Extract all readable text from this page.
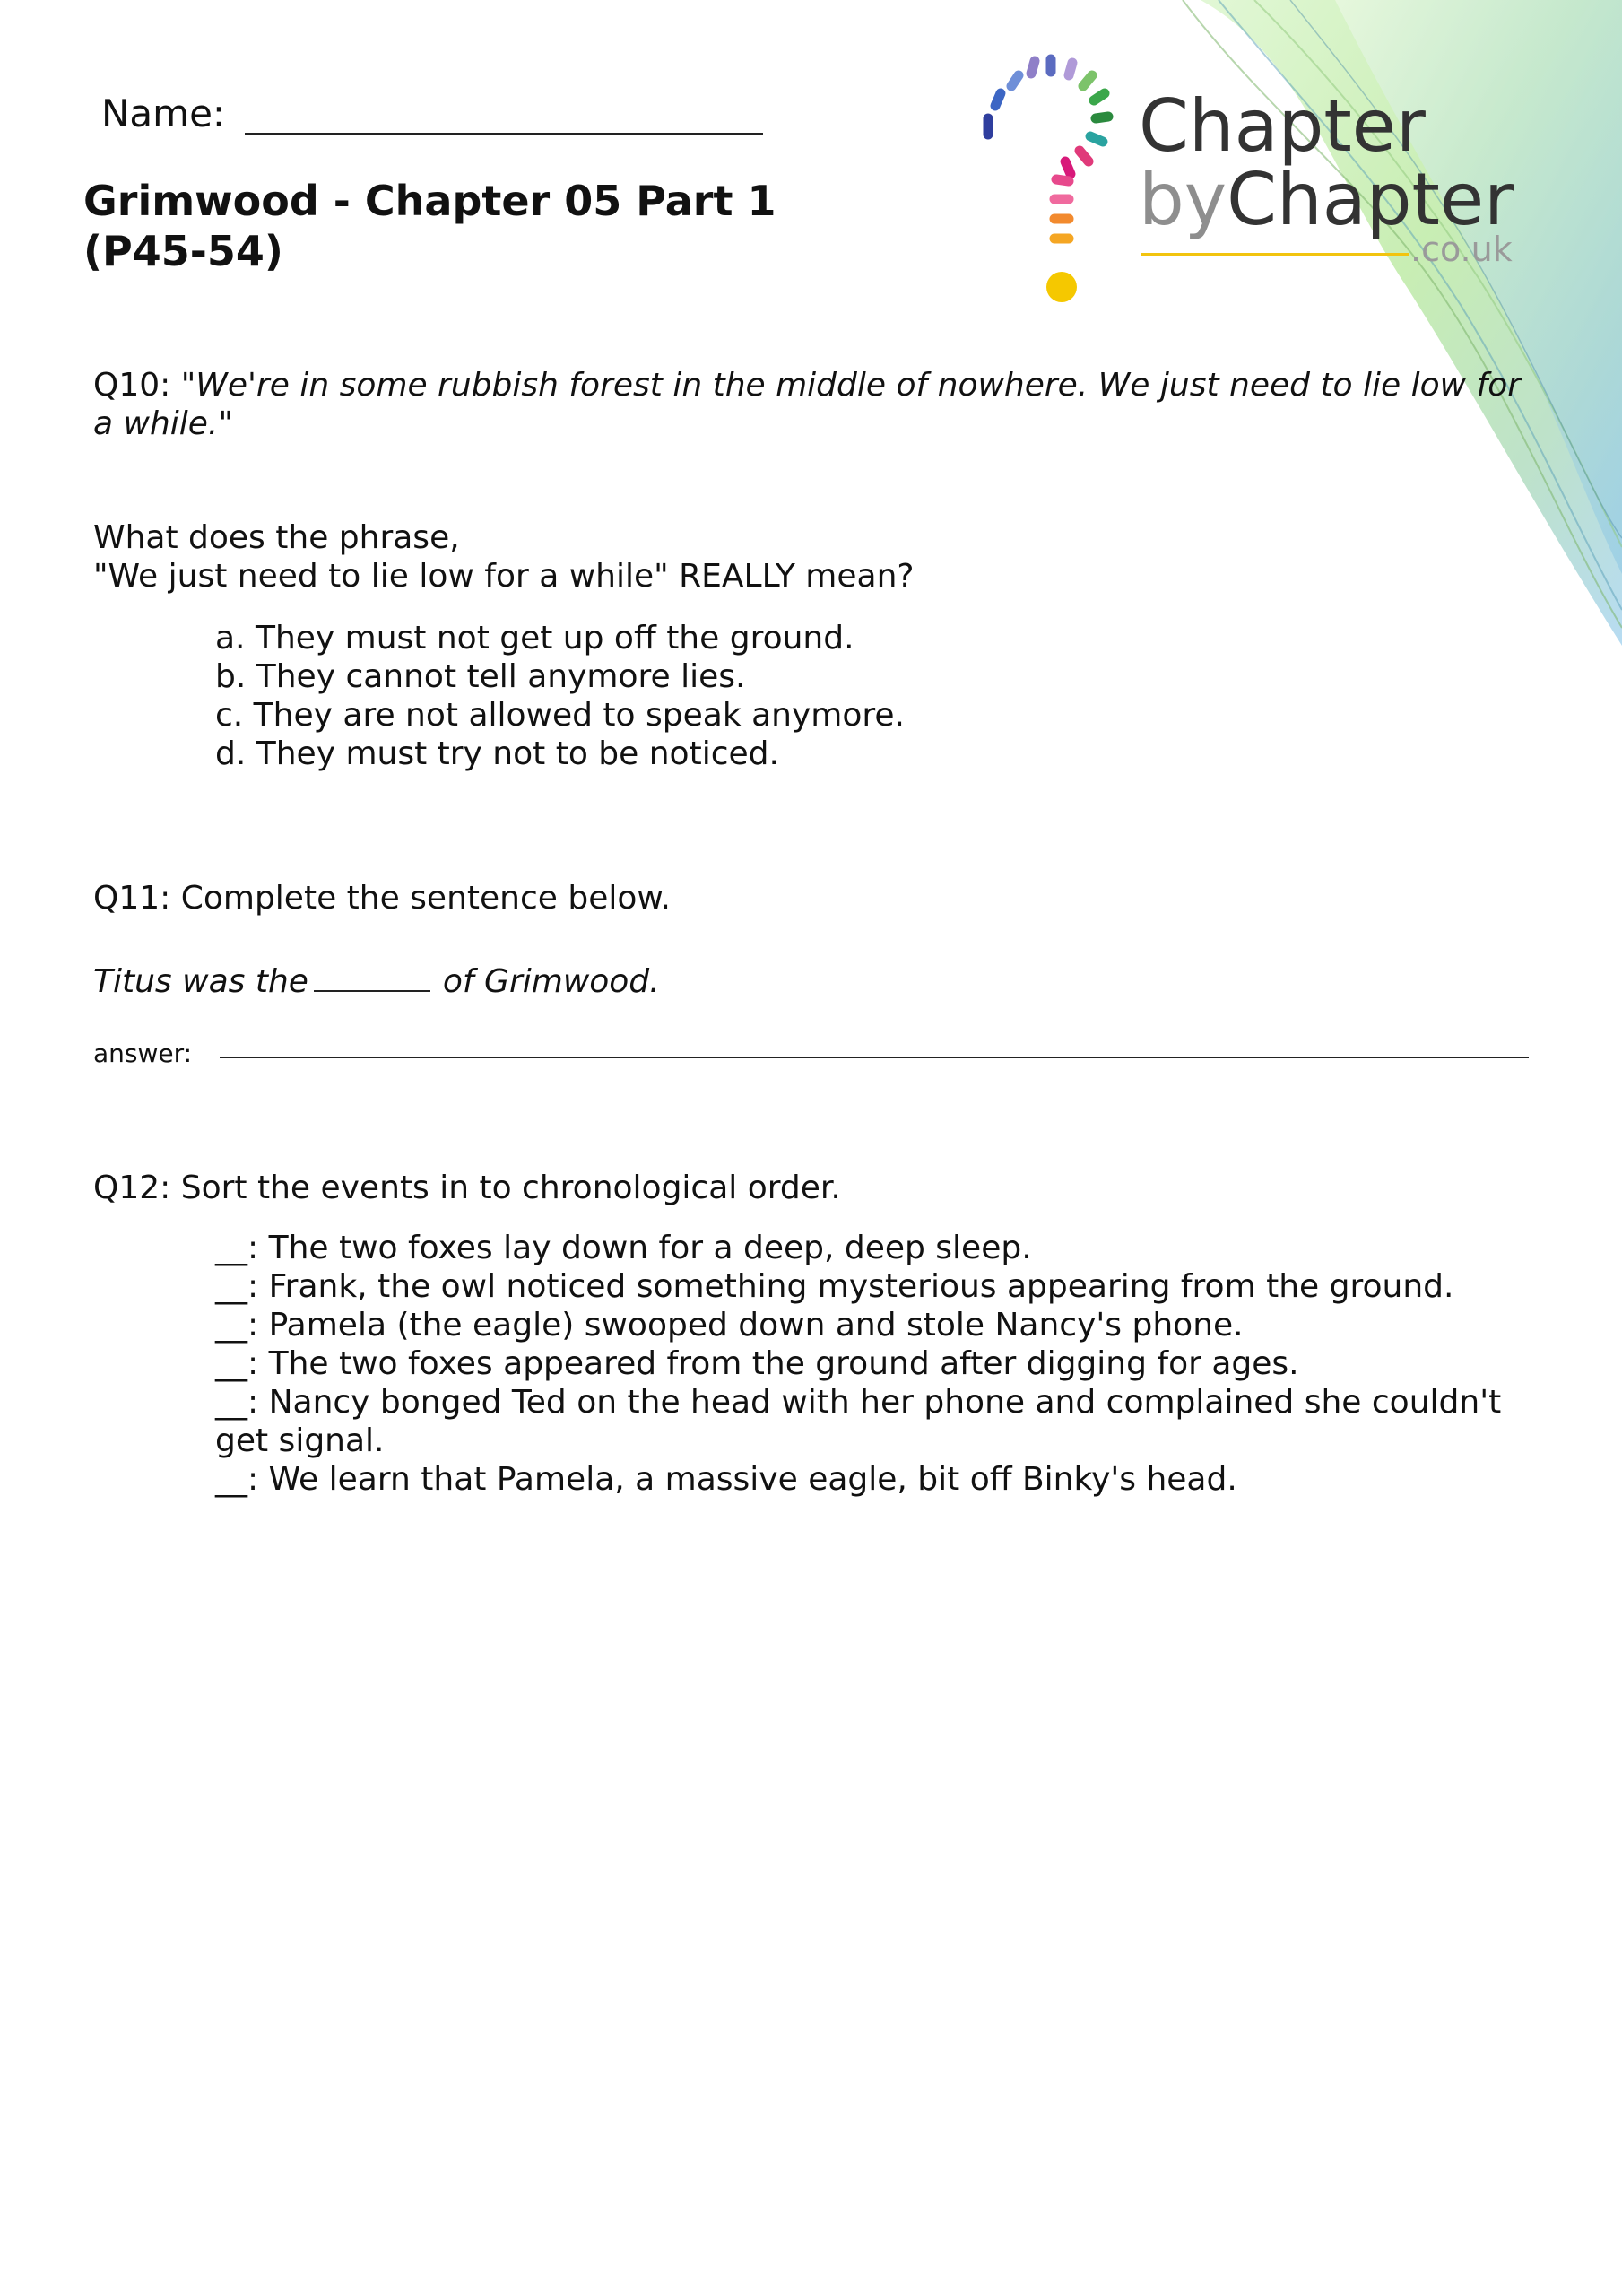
Name:
Grimwood - Chapter 05 Part 1
(P45-54)
Chapter
byChapter
.co.uk

Q10: "We're in some rubbish forest in the middle of nowhere. We just need to lie low for a while."

What does the phrase,
"We just need to lie low for a while" REALLY mean?

a. They must not get up off the ground.
b. They cannot tell anymore lies.
c. They are not allowed to speak anymore.
d. They must try not to be noticed.

Q11: Complete the sentence below.

Titus was the	of Grimwood.
answer:

Q12: Sort the events in to chronological order.

__: The two foxes lay down for a deep, deep sleep.
__: Frank, the owl noticed something mysterious appearing from the ground.
__: Pamela (the eagle) swooped down and stole Nancy's phone.
__: The two foxes appeared from the ground after digging for ages.
__: Nancy bonged Ted on the head with her phone and complained she couldn't get signal.
__: We learn that Pamela, a massive eagle, bit off Binky's head.
